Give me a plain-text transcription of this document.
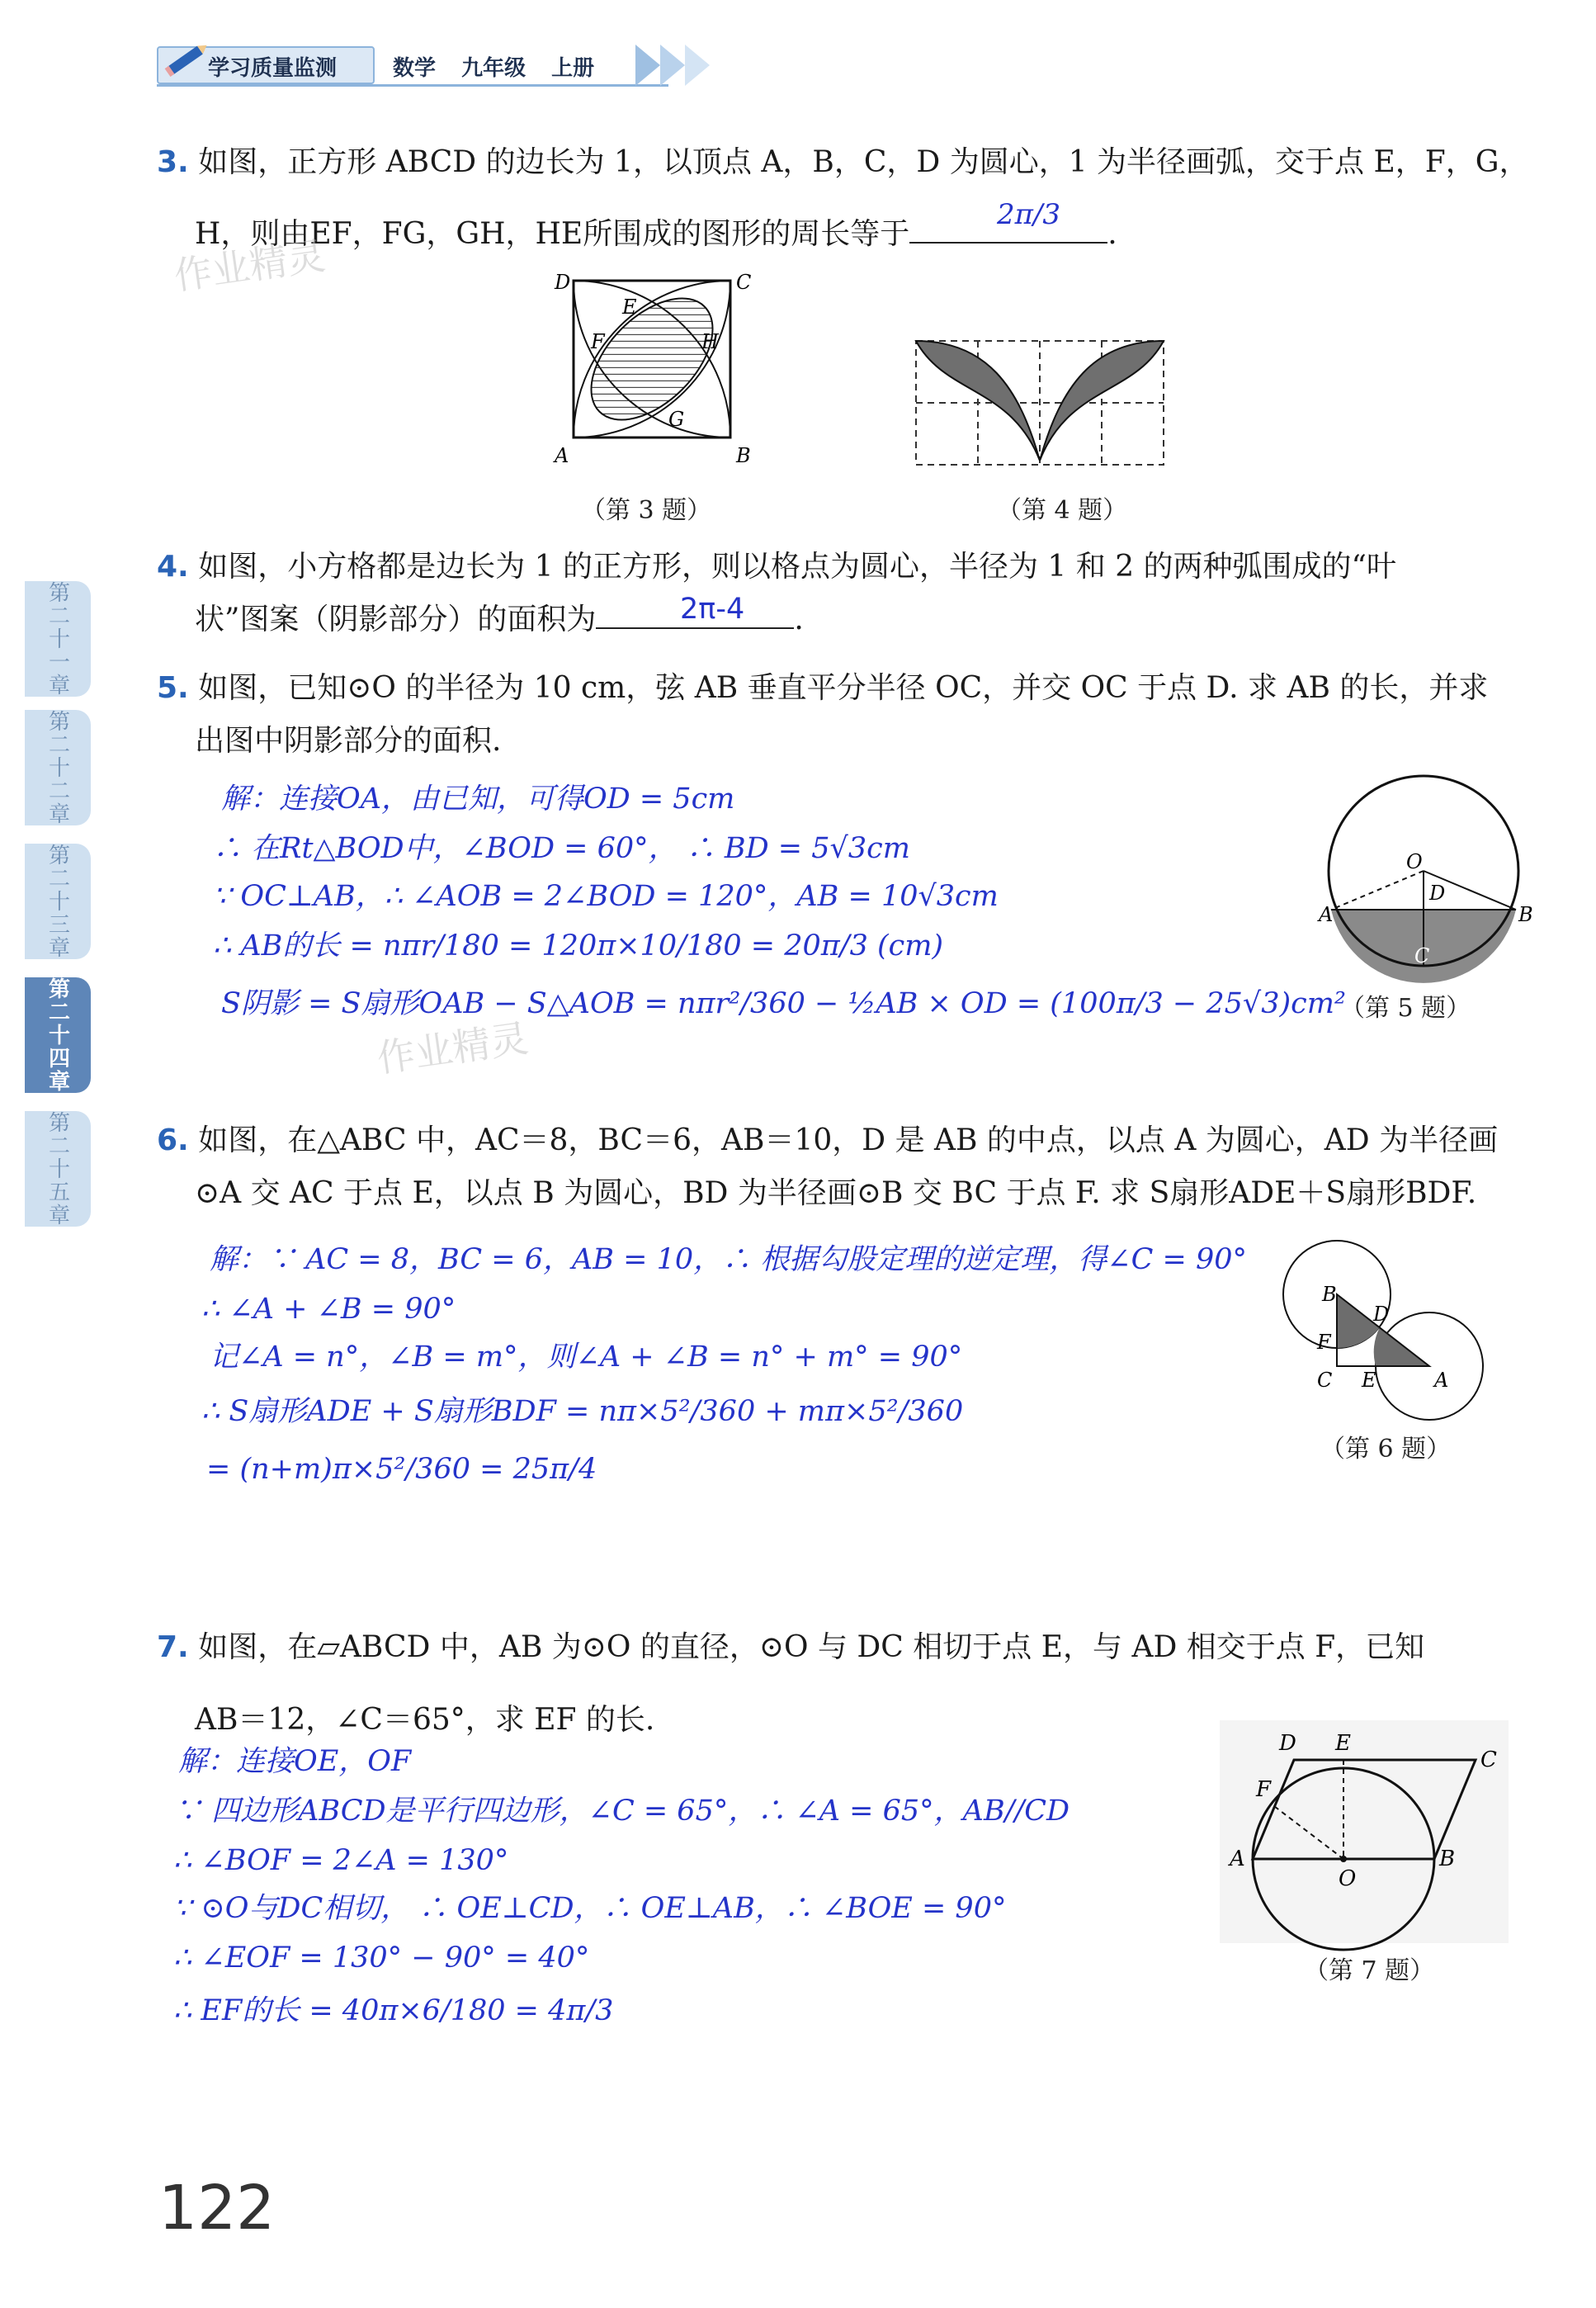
学习质量监测	数学 九年级 上册
第二十一章
第二十二章
第二十三章
第二十四章
第二十五章
3. 如图，正方形 ABCD 的边长为 1，以顶点 A，B，C，D 为圆心，1 为半径画弧，交于点 E，F，G，
H，则由EF，FG，GH，HE所围成的图形的周长等于	.
2π/3
D	C
A	B
E
F
G
H
（第 3 题）	（第 4 题）
4. 如图，小方格都是边长为 1 的正方形，则以格点为圆心，半径为 1 和 2 的两种弧围成的“叶
状”图案（阴影部分）的面积为	.
2π-4
5. 如图，已知⊙O 的半径为 10 cm，弦 AB 垂直平分半径 OC，并交 OC 于点 D. 求 AB 的长，并求
出图中阴影部分的面积.
解：连接OA，由已知，可得OD = 5cm
∴ 在Rt△BOD中，∠BOD = 60°， ∴ BD = 5√3cm
∵ OC⊥AB，∴ ∠AOB = 2∠BOD = 120°，AB = 10√3cm
∴ AB的长 = nπr/180 = 120π×10/180 = 20π/3 (cm)
S阴影 = S扇形OAB − S△AOB = nπr²/360 − ½AB × OD = (100π/3 − 25√3)cm²
O
D
A	B
C
（第 5 题）
作业精灵
作业精灵
6. 如图，在△ABC 中，AC＝8，BC＝6，AB＝10，D 是 AB 的中点，以点 A 为圆心，AD 为半径画
⊙A 交 AC 于点 E，以点 B 为圆心，BD 为半径画⊙B 交 BC 于点 F. 求 S扇形ADE＋S扇形BDF.
解：∵ AC = 8，BC = 6，AB = 10，∴ 根据勾股定理的逆定理，得∠C = 90°
∴ ∠A + ∠B = 90°
记∠A = n°，∠B = m°，则∠A + ∠B = n° + m° = 90°
∴ S扇形ADE + S扇形BDF = nπ×5²/360 + mπ×5²/360
= (n+m)π×5²/360 = 25π/4
B
D
F
C E	A
（第 6 题）
7. 如图，在▱ABCD 中，AB 为⊙O 的直径，⊙O 与 DC 相切于点 E，与 AD 相交于点 F，已知
AB＝12，∠C＝65°，求 EF 的长.
解：连接OE，OF
∵ 四边形ABCD是平行四边形，∠C = 65°，∴ ∠A = 65°，AB//CD
∴ ∠BOF = 2∠A = 130°
∵ ⊙O与DC相切， ∴ OE⊥CD，∴ OE⊥AB，∴ ∠BOE = 90°
∴ ∠EOF = 130° − 90° = 40°
∴ EF的长 = 40π×6/180 = 4π/3
D E
C
F
A	B
O
（第 7 题）
122
